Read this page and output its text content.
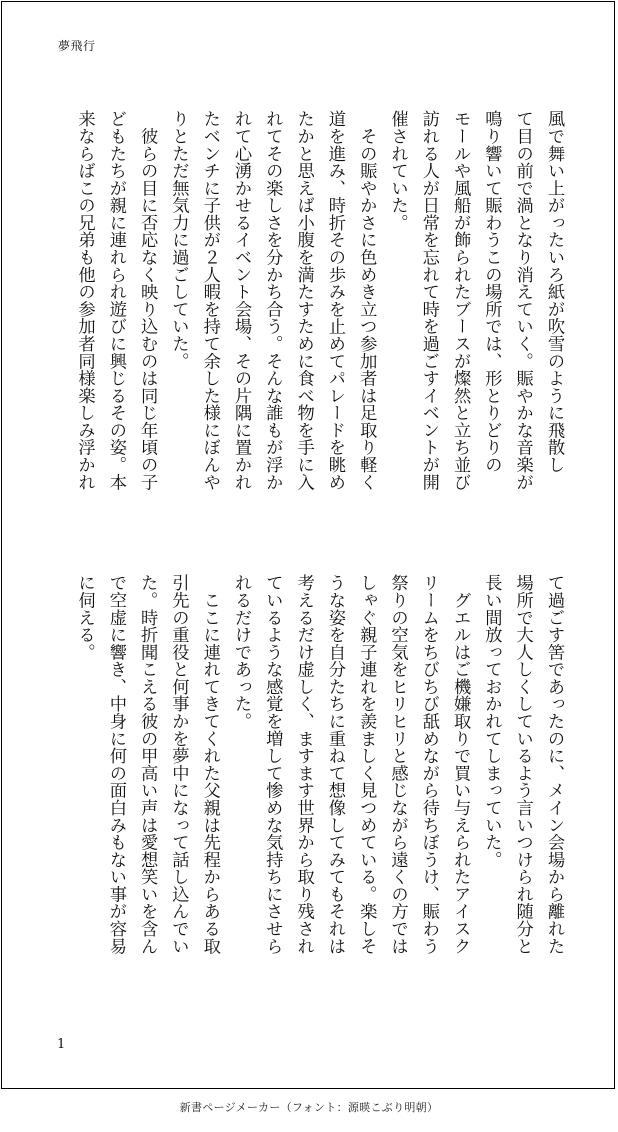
夢飛行
風で舞い上がったいろ紙が吹雪のように飛散し
て目の前で渦となり消えていく。賑やかな音楽が
鳴り響いて賑わうこの場所では、形とりどりの
モールや風船が飾られたブースが燦然と立ち並び
訪れる人が日常を忘れて時を過ごすイベントが開
催されていた。
　その賑やかさに色めき立つ参加者は足取り軽く
道を進み、時折その歩みを止めてパレードを眺め
たかと思えば小腹を満たすために食べ物を手に入
れてその楽しさを分かち合う。そんな誰もが浮か
れて心湧かせるイベント会場、その片隅に置かれ
たベンチに子供が２人暇を持て余した様にぼんや
りとただ無気力に過ごしていた。
　彼らの目に否応なく映り込むのは同じ年頃の子
どもたちが親に連れられ遊びに興じるその姿。本
来ならばこの兄弟も他の参加者同様楽しみ浮かれ
て過ごす筈であったのに、メイン会場から離れた
場所で大人しくしているよう言いつけられ随分と
長い間放っておかれてしまっていた。
　グエルはご機嫌取りで買い与えられたアイスク
リームをちびちび舐めながら待ちぼうけ、賑わう
祭りの空気をヒリヒリと感じながら遠くの方では
しゃぐ親子連れを羨ましく見つめている。楽しそ
うな姿を自分たちに重ねて想像してみてもそれは
考えるだけ虚しく、ますます世界から取り残され
ているような感覚を増して惨めな気持ちにさせら
れるだけであった。
　ここに連れてきてくれた父親は先程からある取
引先の重役と何事かを夢中になって話し込んでい
た。時折聞こえる彼の甲高い声は愛想笑いを含ん
で空虚に響き、中身に何の面白みもない事が容易
に伺える。
1
新書ページメーカー（フォント：源暎こぶり明朝）
